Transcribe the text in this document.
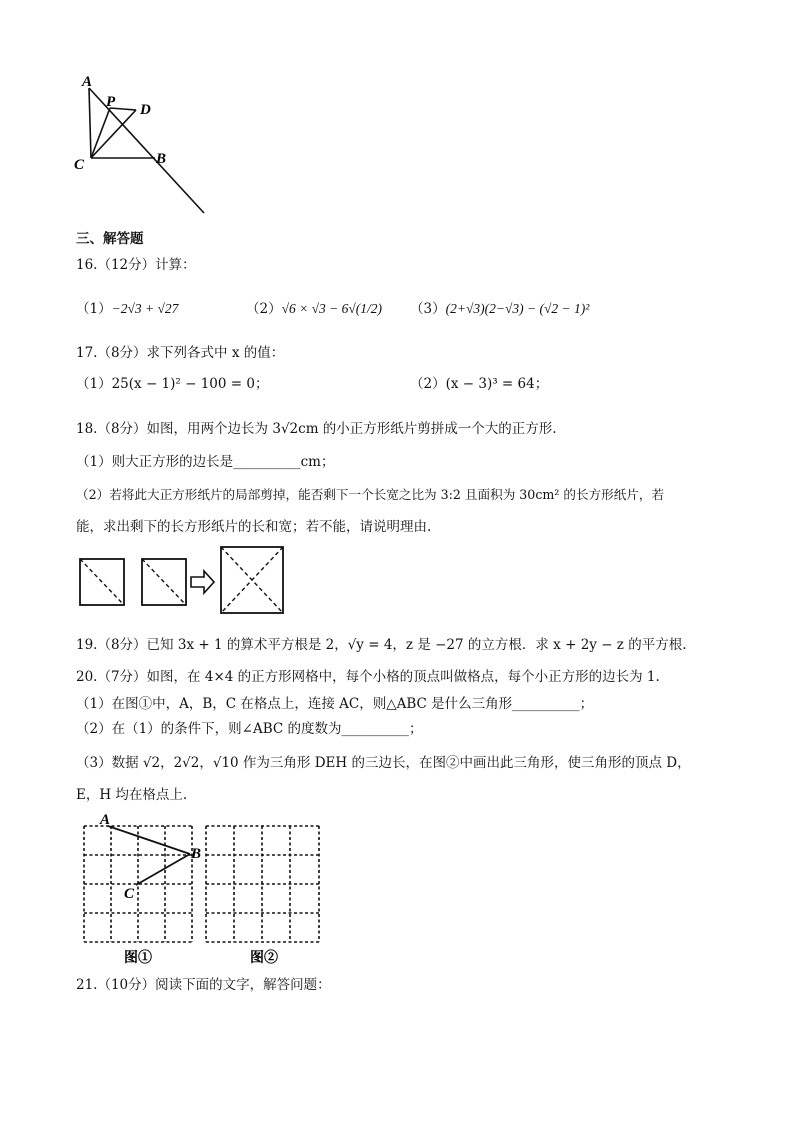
A
P D
C	B
三、解答题
16.（12分）计算：
（1）−2√3 + √27	（2）√6 × √3 − 6√(1/2) （3）(2+√3)(2−√3) − (√2 − 1)²
17.（8分）求下列各式中 x 的值：
（1）25(x − 1)² − 100 = 0；	（2）(x − 3)³ = 64；
18.（8分）如图，用两个边长为 3√2cm 的小正方形纸片剪拼成一个大的正方形.
（1）则大正方形的边长是__________cm；
（2）若将此大正方形纸片的局部剪掉，能否剩下一个长宽之比为 3:2 且面积为 30cm² 的长方形纸片，若
能，求出剩下的长方形纸片的长和宽；若不能，请说明理由.
19.（8分）已知 3x + 1 的算术平方根是 2，√y = 4，z 是 −27 的立方根．求 x + 2y − z 的平方根.
20.（7分）如图，在 4×4 的正方形网格中，每个小格的顶点叫做格点，每个小正方形的边长为 1.
（1）在图①中，A，B，C 在格点上，连接 AC，则△ABC 是什么三角形__________；
（2）在（1）的条件下，则∠ABC 的度数为__________；
（3）数据 √2，2√2，√10 作为三角形 DEH 的三边长，在图②中画出此三角形，使三角形的顶点 D，
E，H 均在格点上.
A
B
C
图①	图②
21.（10分）阅读下面的文字，解答问题：
